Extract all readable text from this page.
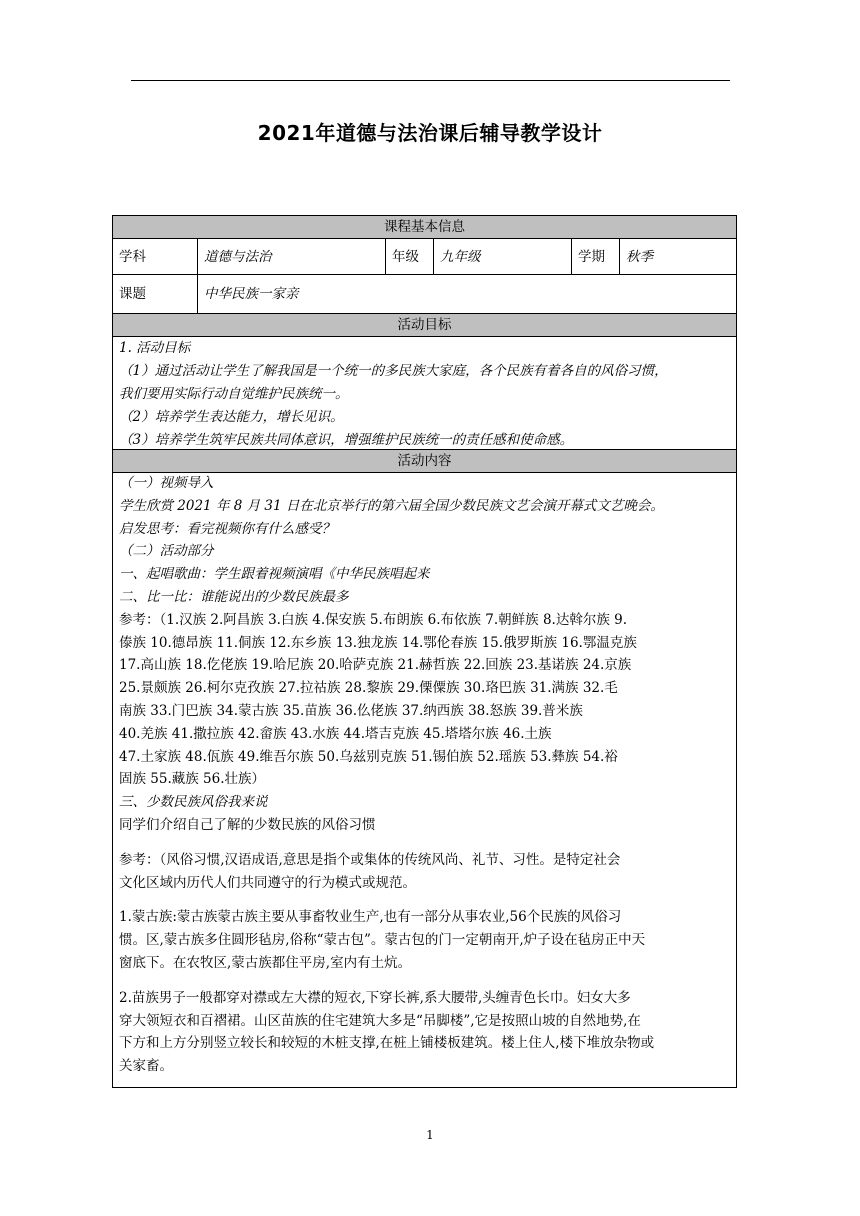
2021年道德与法治课后辅导教学设计
课程基本信息
学科	道德与法治	年级	九年级	学期	秋季
课题	中华民族一家亲
活动目标

1. 活动目标

（1）通过活动让学生了解我国是一个统一的多民族大家庭，各个民族有着各自的风俗习惯，

我们要用实际行动自觉维护民族统一。

（2）培养学生表达能力，增长见识。

（3）培养学生筑牢民族共同体意识，增强维护民族统一的责任感和使命感。

活动内容

（一）视频导入

学生欣赏 2021 年 8 月 31 日在北京举行的第六届全国少数民族文艺会演开幕式文艺晚会。

启发思考：看完视频你有什么感受？

（二）活动部分

一、起唱歌曲：学生跟着视频演唱《中华民族唱起来

二、比一比：谁能说出的少数民族最多

参考：（1.汉族 2.阿昌族 3.白族 4.保安族 5.布朗族 6.布依族 7.朝鲜族 8.达斡尔族 9.

傣族 10.德昂族 11.侗族 12.东乡族 13.独龙族 14.鄂伦春族 15.俄罗斯族 16.鄂温克族

17.高山族 18.仡佬族 19.哈尼族 20.哈萨克族 21.赫哲族 22.回族 23.基诺族 24.京族

25.景颇族 26.柯尔克孜族 27.拉祜族 28.黎族 29.傈僳族 30.珞巴族 31.满族 32.毛

南族 33.门巴族 34.蒙古族 35.苗族 36.仫佬族 37.纳西族 38.怒族 39.普米族

40.羌族 41.撒拉族 42.畲族 43.水族 44.塔吉克族 45.塔塔尔族 46.土族

47.土家族 48.佤族 49.维吾尔族 50.乌兹别克族 51.锡伯族 52.瑶族 53.彝族 54.裕

固族 55.藏族 56.壮族）

三、少数民族风俗我来说

同学们介绍自己了解的少数民族的风俗习惯

参考：（风俗习惯,汉语成语,意思是指个或集体的传统风尚、礼节、习性。是特定社会

文化区域内历代人们共同遵守的行为模式或规范。

1.蒙古族:蒙古族蒙古族主要从事畜牧业生产,也有一部分从事农业,56个民族的风俗习

惯。区,蒙古族多住圆形毡房,俗称“蒙古包”。蒙古包的门一定朝南开,炉子设在毡房正中天

窗底下。在农牧区,蒙古族都住平房,室内有土炕。

2.苗族男子一般都穿对襟或左大襟的短衣,下穿长裤,系大腰带,头缠青色长巾。妇女大多

穿大领短衣和百褶裙。山区苗族的住宅建筑大多是“吊脚楼”,它是按照山坡的自然地势,在

下方和上方分别竖立较长和较短的木桩支撑,在桩上铺楼板建筑。楼上住人,楼下堆放杂物或

关家畜。

1
